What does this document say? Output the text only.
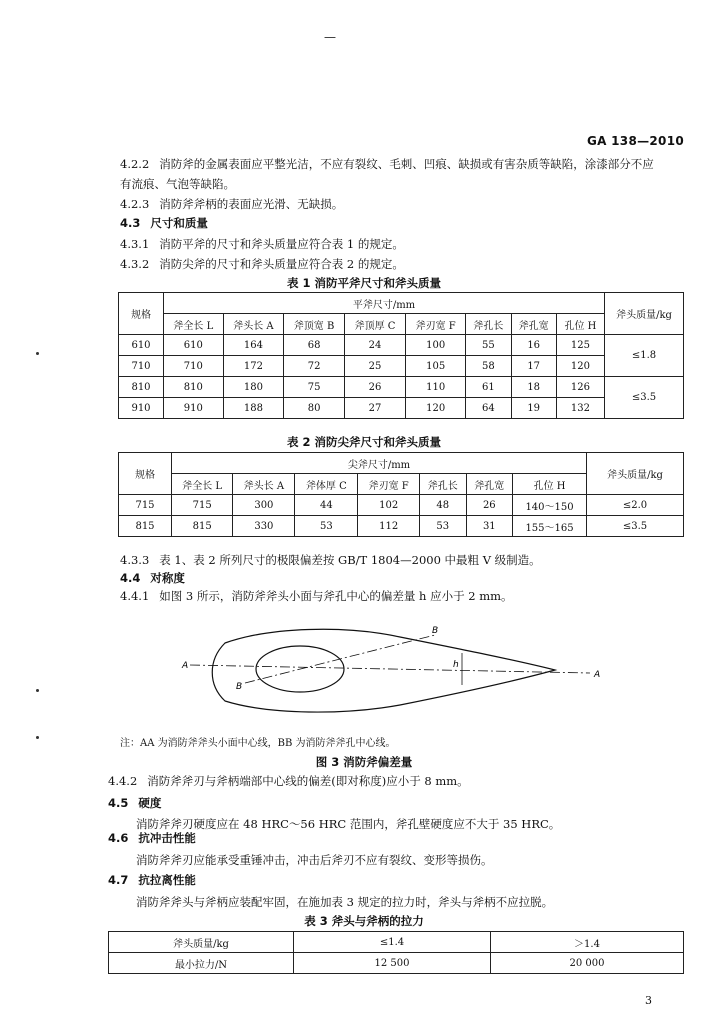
—
GA 138—2010
4.2.2 消防斧的金属表面应平整光洁，不应有裂纹、毛刺、凹痕、缺损或有害杂质等缺陷，涂漆部分不应
有流痕、气泡等缺陷。
4.2.3 消防斧斧柄的表面应光滑、无缺损。
4.3 尺寸和质量
4.3.1 消防平斧的尺寸和斧头质量应符合表 1 的规定。
4.3.2 消防尖斧的尺寸和斧头质量应符合表 2 的规定。
表 1 消防平斧尺寸和斧头质量
规格	平斧尺寸/mm								斧头质量/kg
	斧全长 L	斧头长 A	斧顶宽 B	斧顶厚 C	斧刃宽 F	斧孔长	斧孔宽	孔位 H	
610	610	164	68	24	100	55	16	125	≤1.8
710	710	172	72	25	105	58	17	120	
810	810	180	75	26	110	61	18	126	≤3.5
910	910	188	80	27	120	64	19	132	
表 2 消防尖斧尺寸和斧头质量
规格	尖斧尺寸/mm							斧头质量/kg
	斧全长 L	斧头长 A	斧体厚 C	斧刃宽 F	斧孔长	斧孔宽	孔位 H	
715	715	300	44	102	48	26	140～150	≤2.0
815	815	330	53	112	53	31	155～165	≤3.5
4.3.3 表 1、表 2 所列尺寸的极限偏差按 GB/T 1804—2000 中最粗 V 级制造。
4.4 对称度
4.4.1 如图 3 所示，消防斧斧头小面与斧孔中心的偏差量 h 应小于 2 mm。
A
A
B
B
h
注：AA 为消防斧斧头小面中心线，BB 为消防斧斧孔中心线。
图 3 消防斧偏差量
4.4.2 消防斧斧刃与斧柄端部中心线的偏差(即对称度)应小于 8 mm。
4.5 硬度
消防斧斧刃硬度应在 48 HRC～56 HRC 范围内，斧孔壁硬度应不大于 35 HRC。
4.6 抗冲击性能
消防斧斧刃应能承受重锤冲击，冲击后斧刃不应有裂纹、变形等损伤。
4.7 抗拉离性能
消防斧斧头与斧柄应装配牢固，在施加表 3 规定的拉力时，斧头与斧柄不应拉脱。
表 3 斧头与斧柄的拉力
斧头质量/kg	≤1.4	＞1.4
最小拉力/N	12 500	20 000
3
